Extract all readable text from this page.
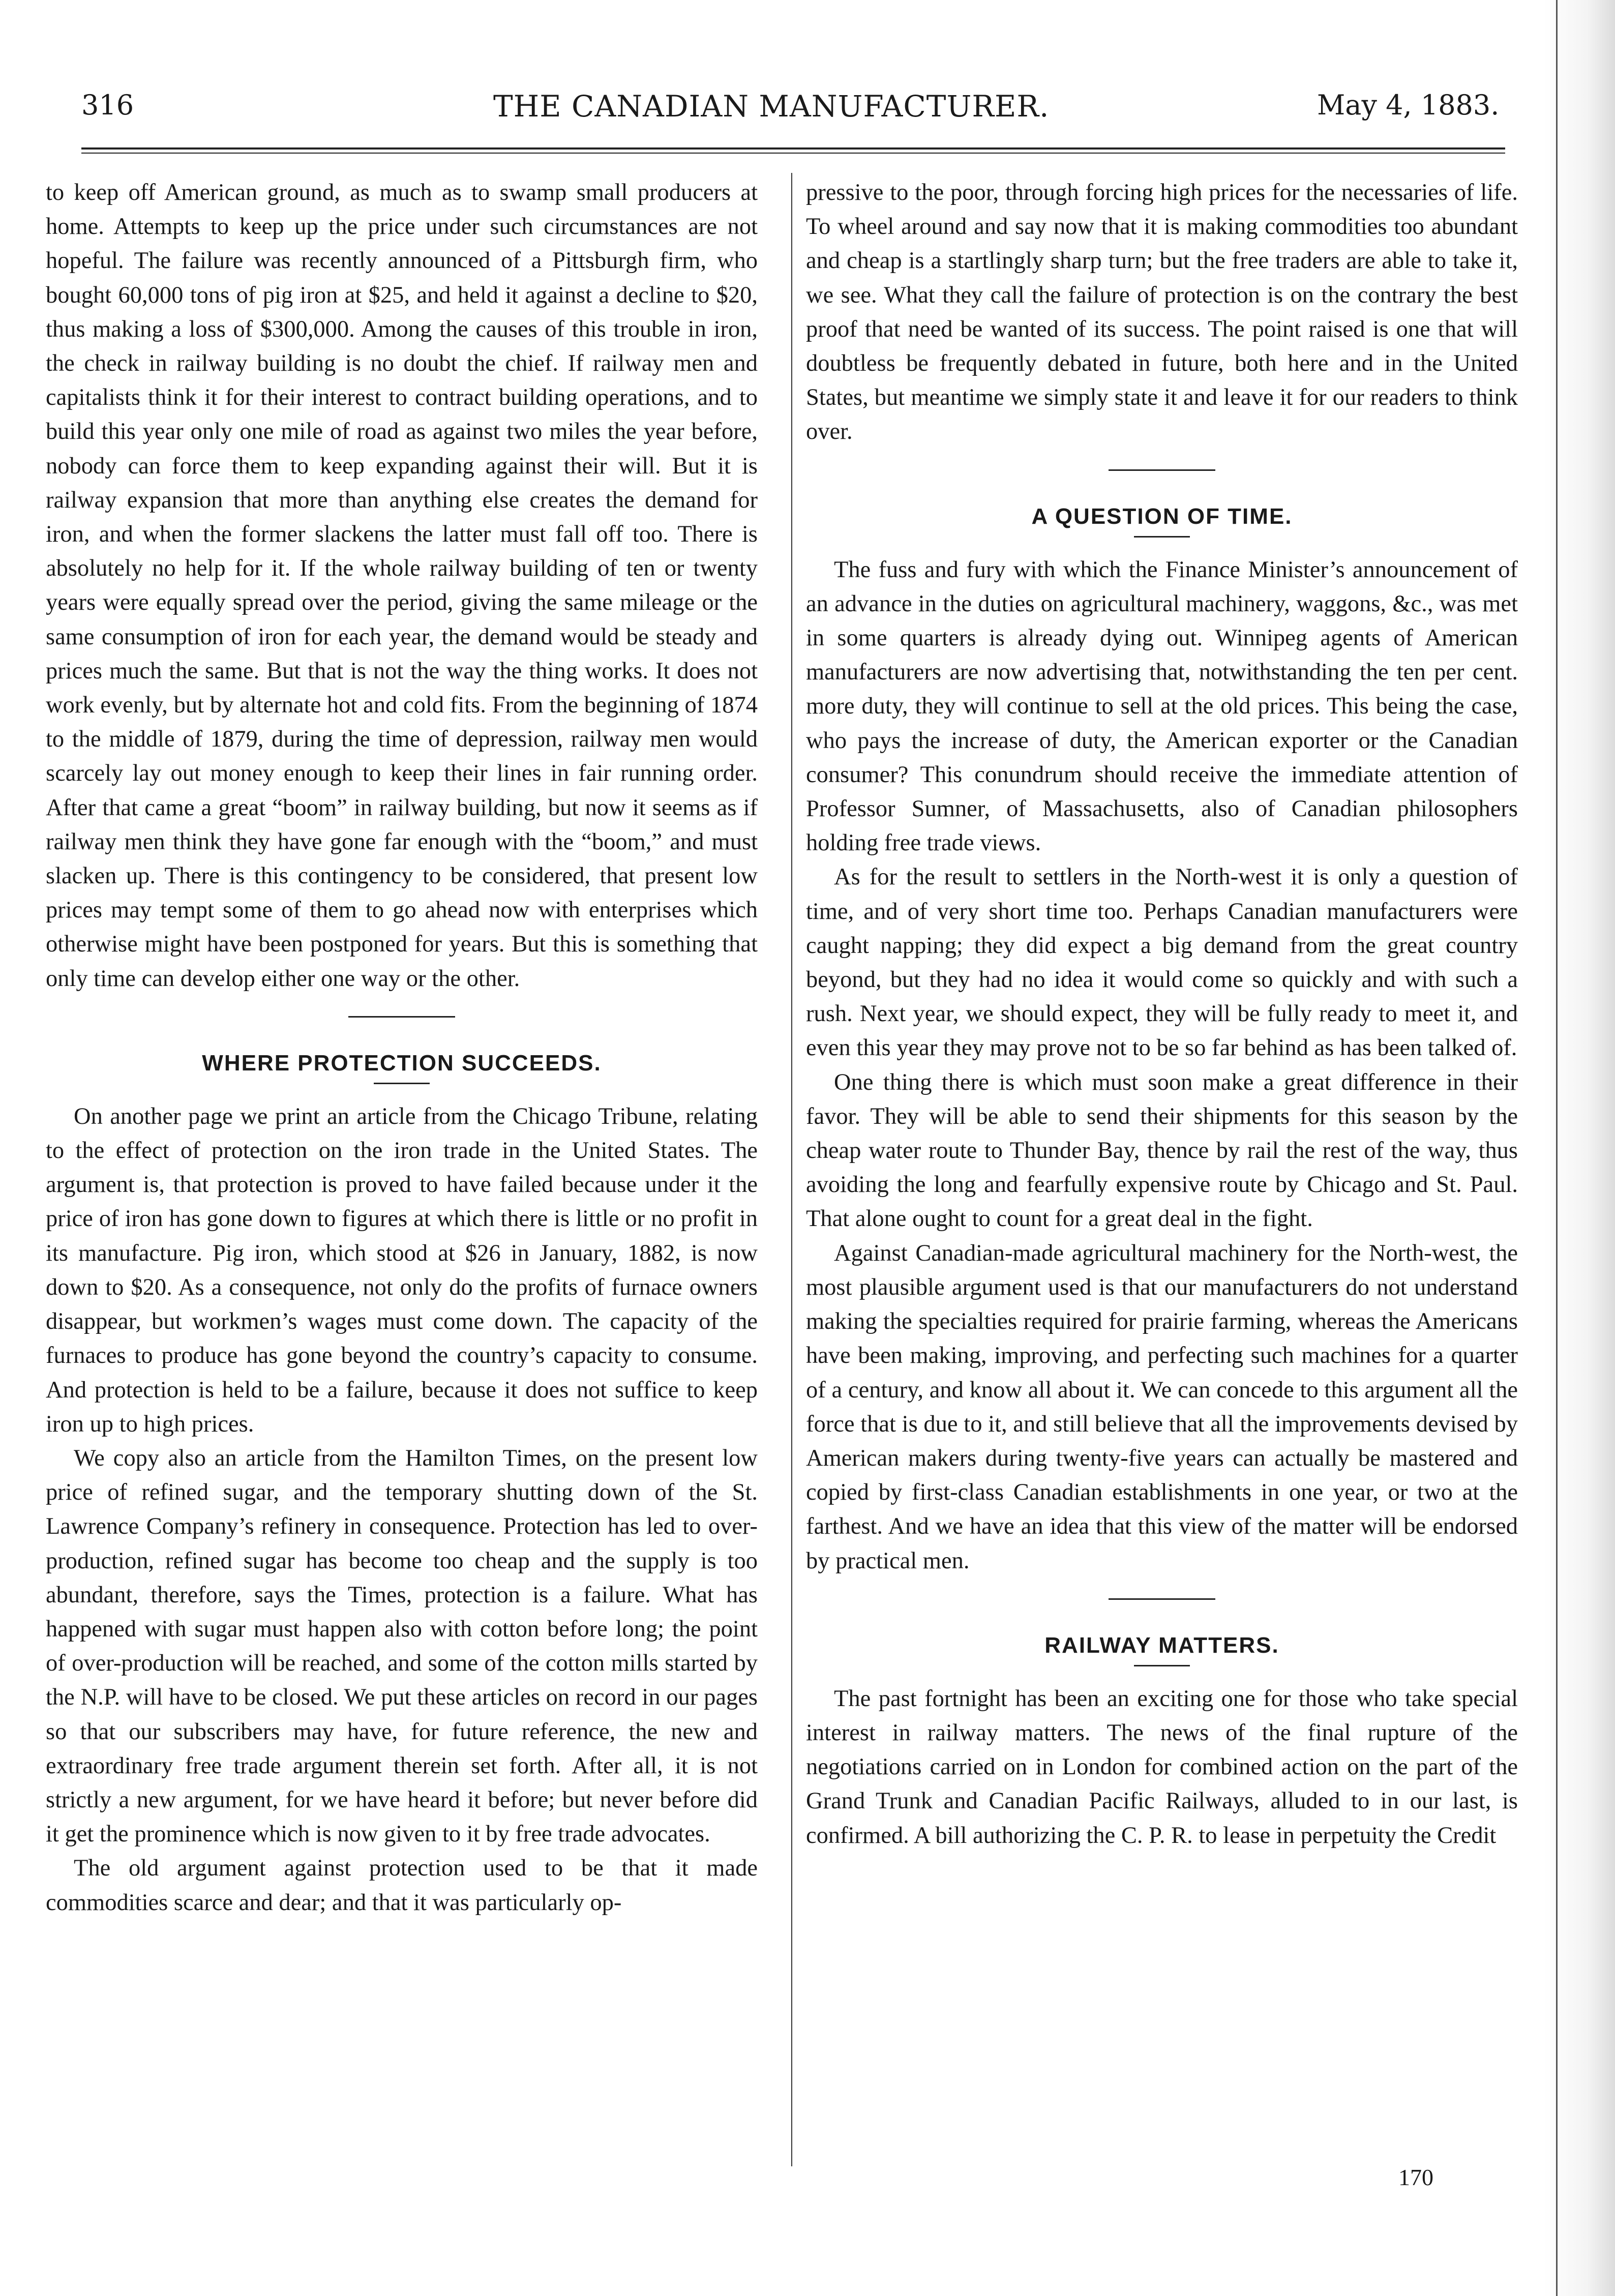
316	THE CANADIAN MANUFACTURER.	May 4, 1883.

to keep off American ground, as much as to swamp small producers at home. Attempts to keep up the price under such circumstances are not hopeful. The failure was recently announced of a Pittsburgh firm, who bought 60,000 tons of pig iron at $25, and held it against a decline to $20, thus making a loss of $300,000. Among the causes of this trouble in iron, the check in railway building is no doubt the chief. If railway men and capitalists think it for their interest to contract building operations, and to build this year only one mile of road as against two miles the year before, nobody can force them to keep expanding against their will. But it is railway expansion that more than anything else creates the demand for iron, and when the former slackens the latter must fall off too. There is absolutely no help for it. If the whole railway building of ten or twenty years were equally spread over the period, giving the same mileage or the same consumption of iron for each year, the demand would be steady and prices much the same. But that is not the way the thing works. It does not work evenly, but by alternate hot and cold fits. From the beginning of 1874 to the middle of 1879, during the time of depression, railway men would scarcely lay out money enough to keep their lines in fair running order. After that came a great “boom” in railway building, but now it seems as if railway men think they have gone far enough with the “boom,” and must slacken up. There is this contingency to be considered, that present low prices may tempt some of them to go ahead now with enterprises which otherwise might have been postponed for years. But this is something that only time can develop either one way or the other.

WHERE PROTECTION SUCCEEDS.

On another page we print an article from the Chicago Tribune, relating to the effect of protection on the iron trade in the United States. The argument is, that protection is proved to have failed because under it the price of iron has gone down to figures at which there is little or no profit in its manufacture. Pig iron, which stood at $26 in January, 1882, is now down to $20. As a consequence, not only do the profits of furnace owners disappear, but workmen’s wages must come down. The capacity of the furnaces to produce has gone beyond the country’s capacity to consume. And protection is held to be a failure, because it does not suffice to keep iron up to high prices.

We copy also an article from the Hamilton Times, on the present low price of refined sugar, and the temporary shutting down of the St. Lawrence Company’s refinery in consequence. Protection has led to over-production, refined sugar has become too cheap and the supply is too abundant, therefore, says the Times, protection is a failure. What has happened with sugar must happen also with cotton before long; the point of over-production will be reached, and some of the cotton mills started by the N.P. will have to be closed. We put these articles on record in our pages so that our subscribers may have, for future reference, the new and extraordinary free trade argument therein set forth. After all, it is not strictly a new argument, for we have heard it before; but never before did it get the prominence which is now given to it by free trade advocates.

The old argument against protection used to be that it made commodities scarce and dear; and that it was particularly op-

pressive to the poor, through forcing high prices for the necessaries of life. To wheel around and say now that it is making commodities too abundant and cheap is a startlingly sharp turn; but the free traders are able to take it, we see. What they call the failure of protection is on the contrary the best proof that need be wanted of its success. The point raised is one that will doubtless be frequently debated in future, both here and in the United States, but meantime we simply state it and leave it for our readers to think over.

A QUESTION OF TIME.

The fuss and fury with which the Finance Minister’s announcement of an advance in the duties on agricultural machinery, waggons, &c., was met in some quarters is already dying out. Winnipeg agents of American manufacturers are now advertising that, notwithstanding the ten per cent. more duty, they will continue to sell at the old prices. This being the case, who pays the increase of duty, the American exporter or the Canadian consumer? This conundrum should receive the immediate attention of Professor Sumner, of Massachusetts, also of Canadian philosophers holding free trade views.

As for the result to settlers in the North-west it is only a question of time, and of very short time too. Perhaps Canadian manufacturers were caught napping; they did expect a big demand from the great country beyond, but they had no idea it would come so quickly and with such a rush. Next year, we should expect, they will be fully ready to meet it, and even this year they may prove not to be so far behind as has been talked of.

One thing there is which must soon make a great difference in their favor. They will be able to send their shipments for this season by the cheap water route to Thunder Bay, thence by rail the rest of the way, thus avoiding the long and fearfully expensive route by Chicago and St. Paul. That alone ought to count for a great deal in the fight.

Against Canadian-made agricultural machinery for the North-west, the most plausible argument used is that our manufacturers do not understand making the specialties required for prairie farming, whereas the Americans have been making, improving, and perfecting such machines for a quarter of a century, and know all about it. We can concede to this argument all the force that is due to it, and still believe that all the improvements devised by American makers during twenty-five years can actually be mastered and copied by first-class Canadian establishments in one year, or two at the farthest. And we have an idea that this view of the matter will be endorsed by practical men.

RAILWAY MATTERS.

The past fortnight has been an exciting one for those who take special interest in railway matters. The news of the final rupture of the negotiations carried on in London for combined action on the part of the Grand Trunk and Canadian Pacific Railways, alluded to in our last, is confirmed. A bill authorizing the C. P. R. to lease in perpetuity the Credit

170
